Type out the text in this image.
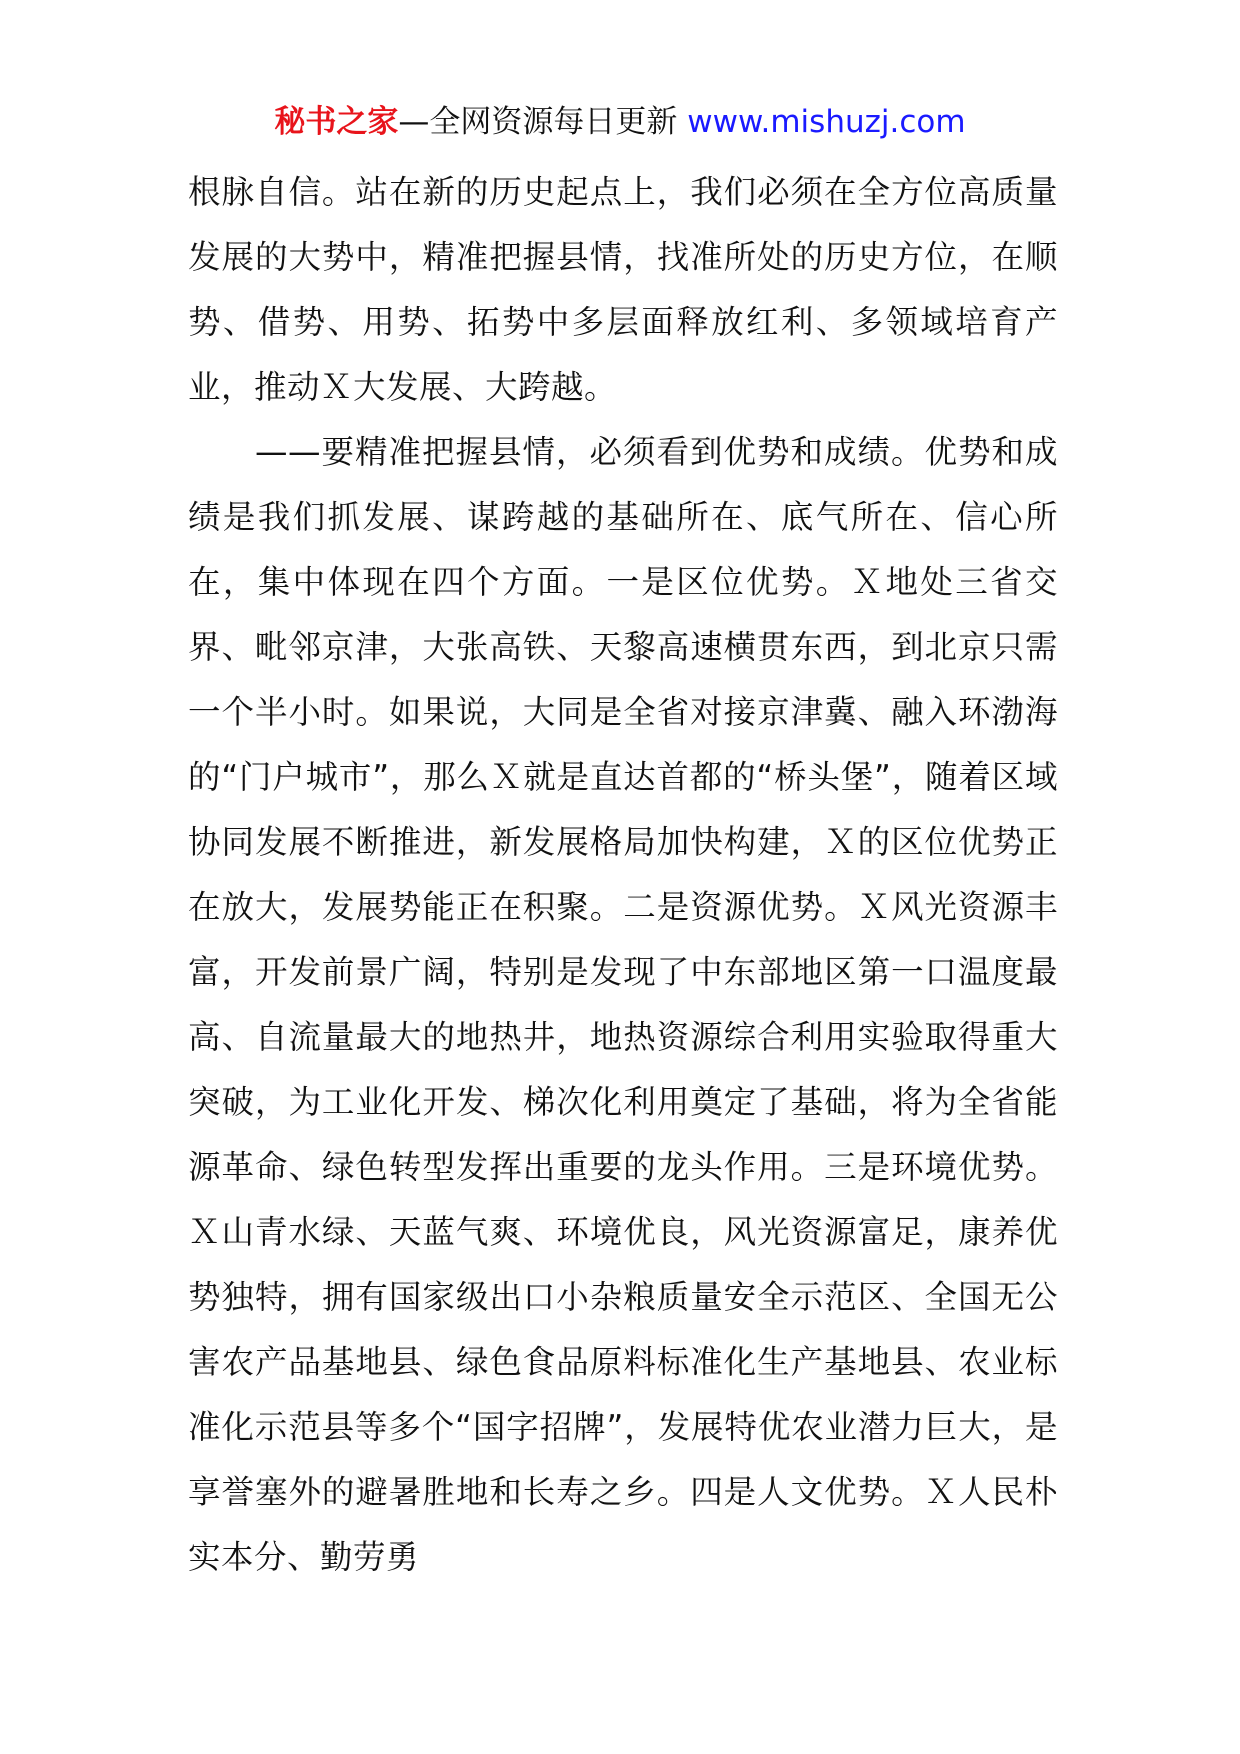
秘书之家—全网资源每日更新 www.mishuzj.com

根脉自信。站在新的历史起点上，我们必须在全方位高质量发展的大势中，精准把握县情，找准所处的历史方位，在顺势、借势、用势、拓势中多层面释放红利、多领域培育产业，推动Ｘ大发展、大跨越。

——要精准把握县情，必须看到优势和成绩。优势和成绩是我们抓发展、谋跨越的基础所在、底气所在、信心所在，集中体现在四个方面。一是区位优势。Ｘ地处三省交界、毗邻京津，大张高铁、天黎高速横贯东西，到北京只需一个半小时。如果说，大同是全省对接京津冀、融入环渤海的“门户城市”，那么Ｘ就是直达首都的“桥头堡”，随着区域协同发展不断推进，新发展格局加快构建，Ｘ的区位优势正在放大，发展势能正在积聚。二是资源优势。Ｘ风光资源丰富，开发前景广阔，特别是发现了中东部地区第一口温度最高、自流量最大的地热井，地热资源综合利用实验取得重大突破，为工业化开发、梯次化利用奠定了基础，将为全省能源革命、绿色转型发挥出重要的龙头作用。三是环境优势。Ｘ山青水绿、天蓝气爽、环境优良，风光资源富足，康养优势独特，拥有国家级出口小杂粮质量安全示范区、全国无公害农产品基地县、绿色食品原料标准化生产基地县、农业标准化示范县等多个“国字招牌”，发展特优农业潜力巨大，是享誉塞外的避暑胜地和长寿之乡。四是人文优势。Ｘ人民朴实本分、勤劳勇
